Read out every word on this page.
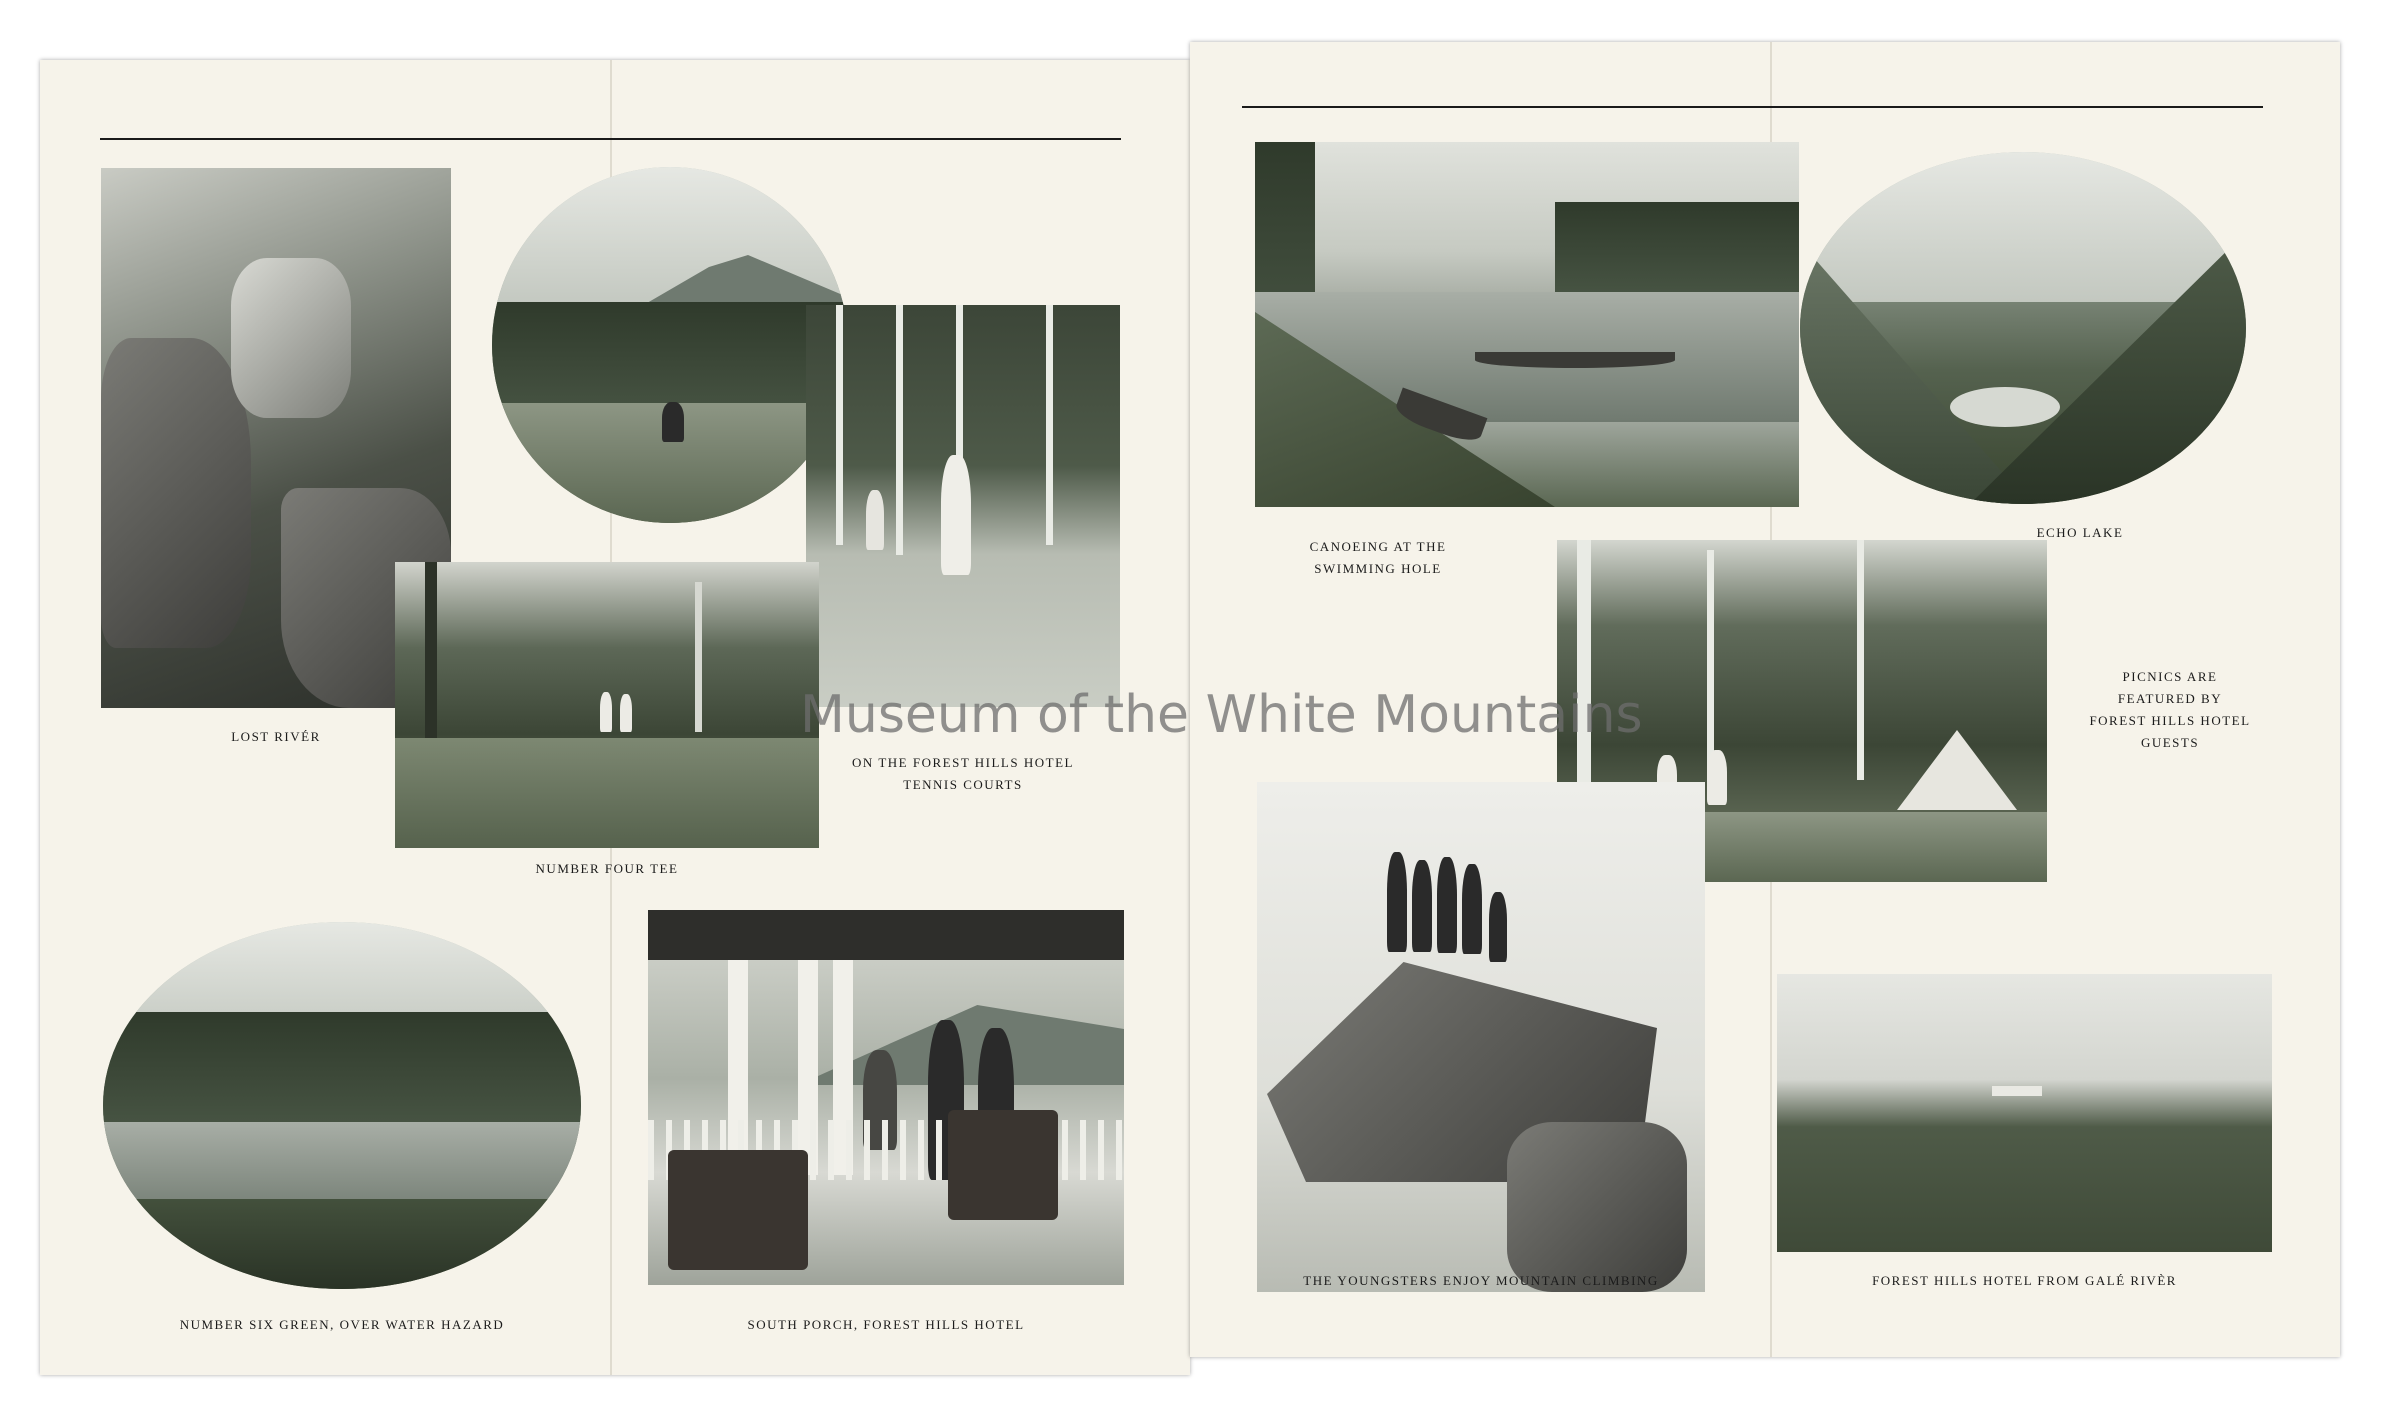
LOST RIVÉR
ON THE FOREST HILLS HOTEL
TENNIS COURTS
NUMBER FOUR TEE
NUMBER SIX GREEN, OVER WATER HAZARD	SOUTH PORCH, FOREST HILLS HOTEL
CANOEING AT THE
SWIMMING HOLE
ECHO LAKE
PICNICS ARE
FEATURED BY
FOREST HILLS HOTEL
GUESTS
THE YOUNGSTERS ENJOY MOUNTAIN CLIMBING	FOREST HILLS HOTEL FROM GALÉ RIVÈR
Museum of the White Mountains
